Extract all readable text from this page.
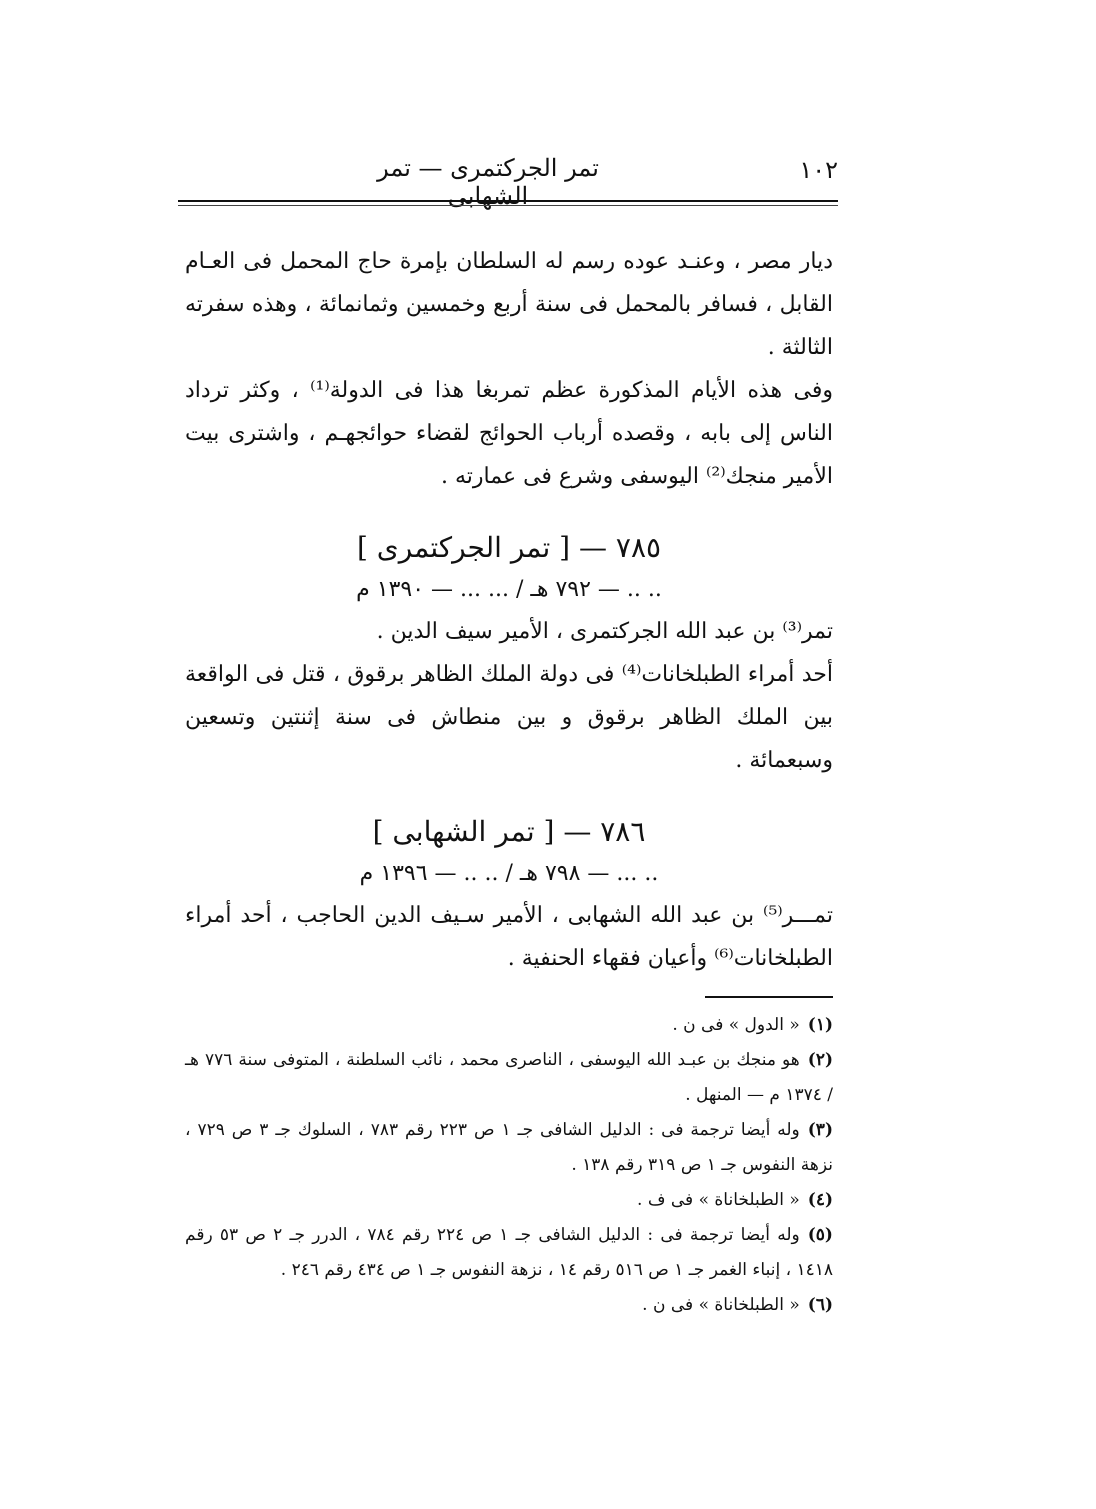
١٠٢
تمر الجركتمرى — تمر الشهابى

ديار مصر ، وعنـد عوده رسم له السلطان بإمرة حاج المحمل فى العـام القابل ، فسافر بالمحمل فى سنة أربع وخمسين وثمانمائة ، وهذه سفرته الثالثة .

وفى هذه الأيام المذكورة عظم تمربغا هذا فى الدولة⁽¹⁾ ، وكثر ترداد الناس إلى بابه ، وقصده أرباب الحوائج لقضاء حوائجهـم ، واشترى بيت الأمير منجك⁽²⁾ اليوسفى وشرع فى عمارته .

٧٨٥ — [ تمر الجركتمرى ]
.. .. — ٧٩٢ هـ / ... ... — ١٣٩٠ م

تمر⁽³⁾ بن عبد الله الجركتمرى ، الأمير سيف الدين .

أحد أمراء الطبلخانات⁽⁴⁾ فى دولة الملك الظاهر برقوق ، قتل فى الواقعة بين الملك الظاهر برقوق و بين منطاش فى سنة إثنتين وتسعين وسبعمائة .

٧٨٦ — [ تمر الشهابى ]
.. ... — ٧٩٨ هـ / .. .. — ١٣٩٦ م

تمـــر⁽⁵⁾ بن عبد الله الشهابى ، الأمير سـيف الدين الحاجب ، أحد أمراء الطبلخانات⁽⁶⁾ وأعيان فقهاء الحنفية .

(١)« الدول » فى ن .

(٢)هو منجك بن عبـد الله اليوسفى ، الناصرى محمد ، نائب السلطنة ، المتوفى سنة ٧٧٦ هـ / ١٣٧٤ م — المنهل .

(٣)وله أيضا ترجمة فى : الدليل الشافى جـ ١ ص ٢٢٣ رقم ٧٨٣ ، السلوك جـ ٣ ص ٧٢٩ ، نزهة النفوس جـ ١ ص ٣١٩ رقم ١٣٨ .

(٤)« الطبلخاناة » فى ف .

(٥)وله أيضا ترجمة فى : الدليل الشافى جـ ١ ص ٢٢٤ رقم ٧٨٤ ، الدرر جـ ٢ ص ٥٣ رقم ١٤١٨ ، إنباء الغمر جـ ١ ص ٥١٦ رقم ١٤ ، نزهة النفوس جـ ١ ص ٤٣٤ رقم ٢٤٦ .

(٦)« الطبلخاناة » فى ن .
